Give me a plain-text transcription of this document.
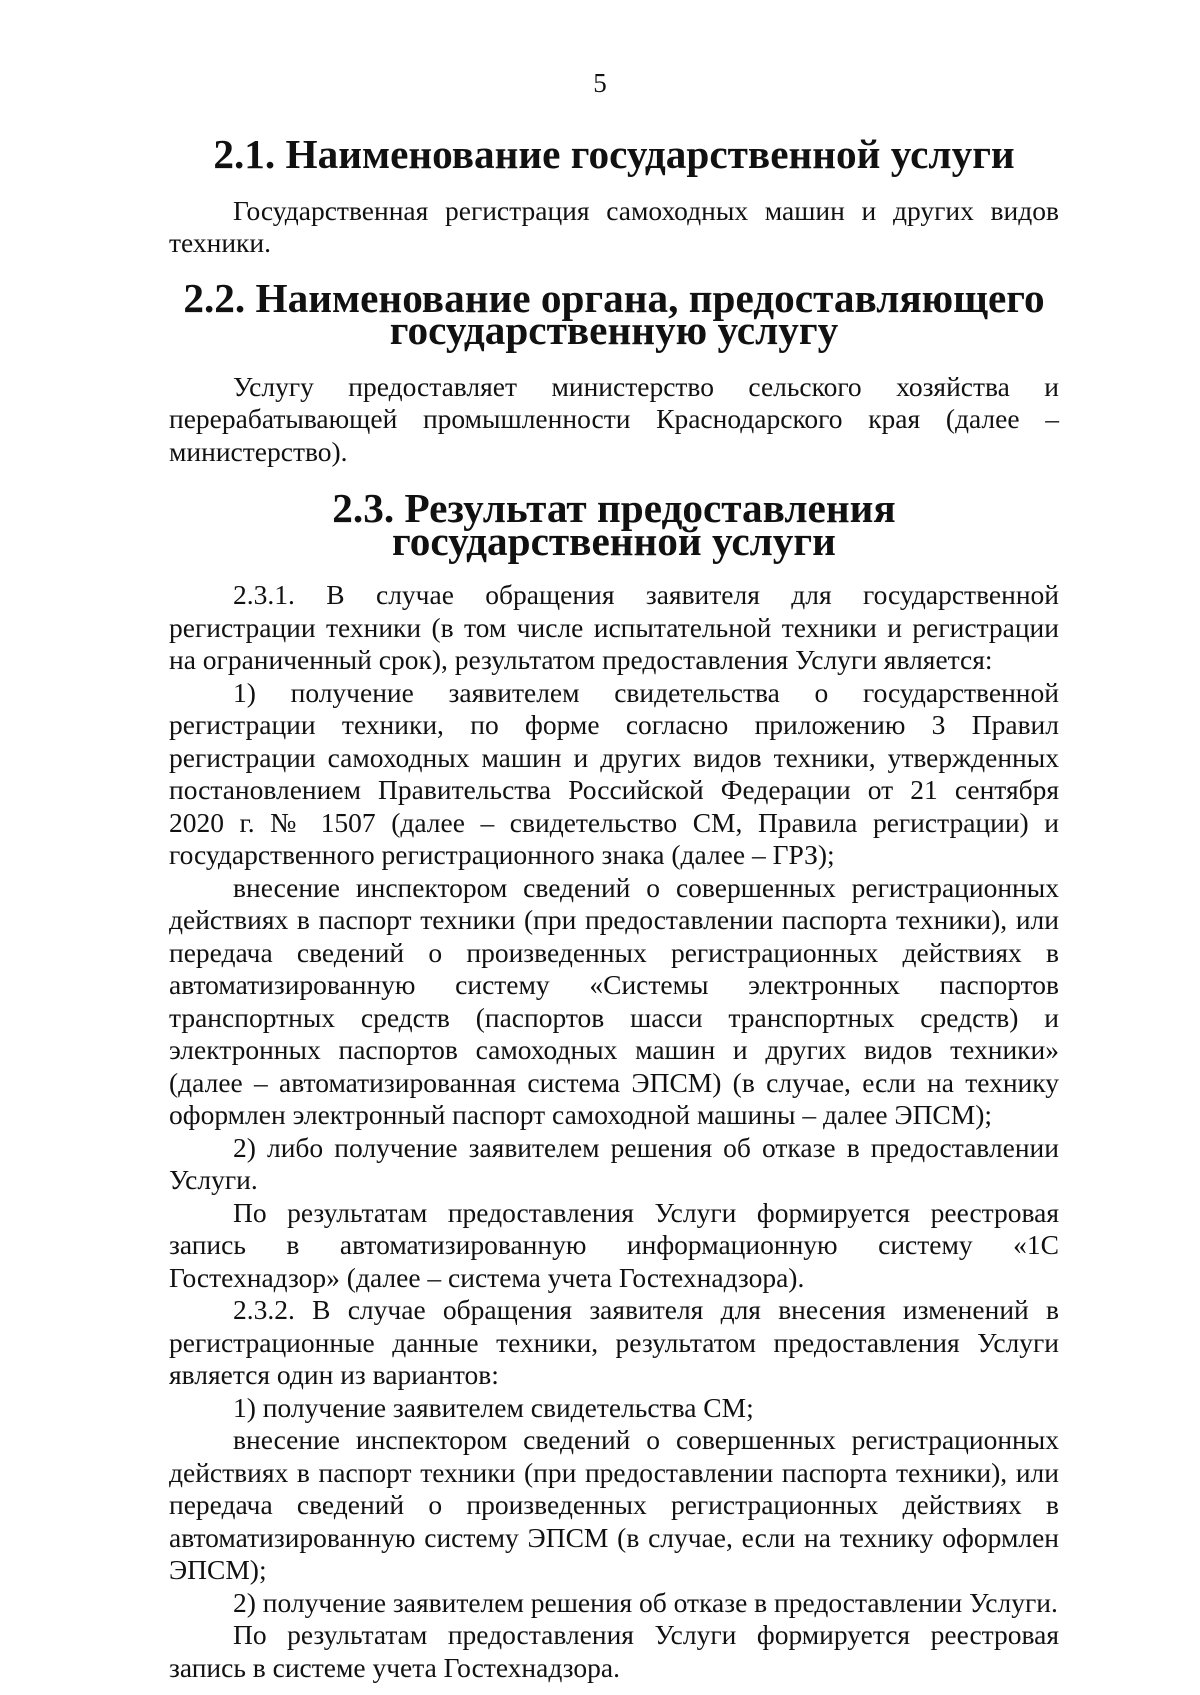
5
2.1. Наименование государственной услуги

Государственная регистрация самоходных машин и других видов техники.

2.2. Наименование органа, предоставляющего
государственную услугу

Услугу предоставляет министерство сельского хозяйства и перерабатывающей промышленности Краснодарского края (далее – министерство).

2.3. Результат предоставления
государственной услуги

2.3.1. В случае обращения заявителя для государственной регистрации техники (в том числе испытательной техники и регистрации на ограниченный срок), результатом предоставления Услуги является:

1) получение заявителем свидетельства о государственной регистрации техники, по форме согласно приложению 3 Правил регистрации самоходных машин и других видов техники, утвержденных постановлением Правительства Российской Федерации от 21 сентября 2020 г. № 1507 (далее – свидетельство СМ, Правила регистрации) и государственного регистрационного знака (далее – ГРЗ);

внесение инспектором сведений о совершенных регистрационных действиях в паспорт техники (при предоставлении паспорта техники), или передача сведений о произведенных регистрационных действиях в автоматизированную систему «Системы электронных паспортов транспортных средств (паспортов шасси транспортных средств) и электронных паспортов самоходных машин и других видов техники» (далее – автоматизированная система ЭПСМ) (в случае, если на технику оформлен электронный паспорт самоходной машины – далее ЭПСМ);

2) либо получение заявителем решения об отказе в предоставлении Услуги.

По результатам предоставления Услуги формируется реестровая запись в автоматизированную информационную систему «1С Гостехнадзор» (далее – система учета Гостехнадзора).

2.3.2. В случае обращения заявителя для внесения изменений в регистрационные данные техники, результатом предоставления Услуги является один из вариантов:

1) получение заявителем свидетельства СМ;

внесение инспектором сведений о совершенных регистрационных действиях в паспорт техники (при предоставлении паспорта техники), или передача сведений о произведенных регистрационных действиях в автоматизированную систему ЭПСМ (в случае, если на технику оформлен ЭПСМ);

2) получение заявителем решения об отказе в предоставлении Услуги.

По результатам предоставления Услуги формируется реестровая запись в системе учета Гостехнадзора.
